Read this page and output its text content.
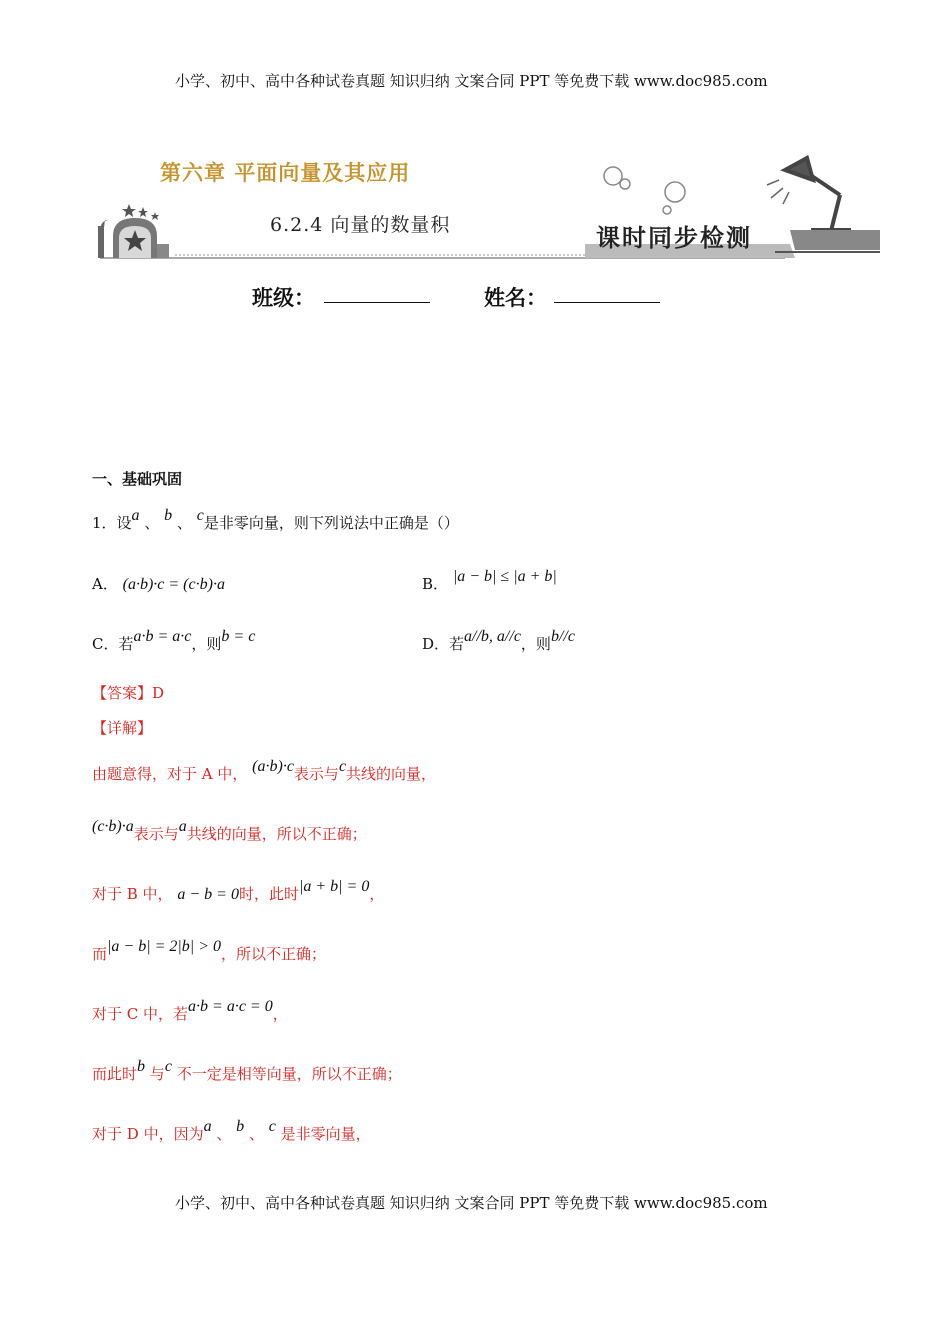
小学、初中、高中各种试卷真题 知识归纳 文案合同 PPT 等免费下载 www.doc985.com
第六章 平面向量及其应用
6.2.4 向量的数量积	课时同步检测
班级：	姓名：
一、基础巩固
1．设a 、 b 、 c是非零向量，则下列说法中正确是（）
A． (a·b)·c = (c·b)·a	B． |a − b| ≤ |a + b|
C．若a·b = a·c，则b = c	D．若a//b, a//c，则b//c
【答案】D
【详解】
由题意得，对于 A 中， (a·b)·c表示与c共线的向量，
(c·b)·a表示与a共线的向量，所以不正确；
对于 B 中， a − b = 0时，此时|a + b| = 0，
而|a − b| = 2|b| > 0，所以不正确；
对于 C 中，若a·b = a·c = 0，
而此时b 与c 不一定是相等向量，所以不正确；
对于 D 中，因为a 、 b 、 c 是非零向量，
小学、初中、高中各种试卷真题 知识归纳 文案合同 PPT 等免费下载 www.doc985.com
